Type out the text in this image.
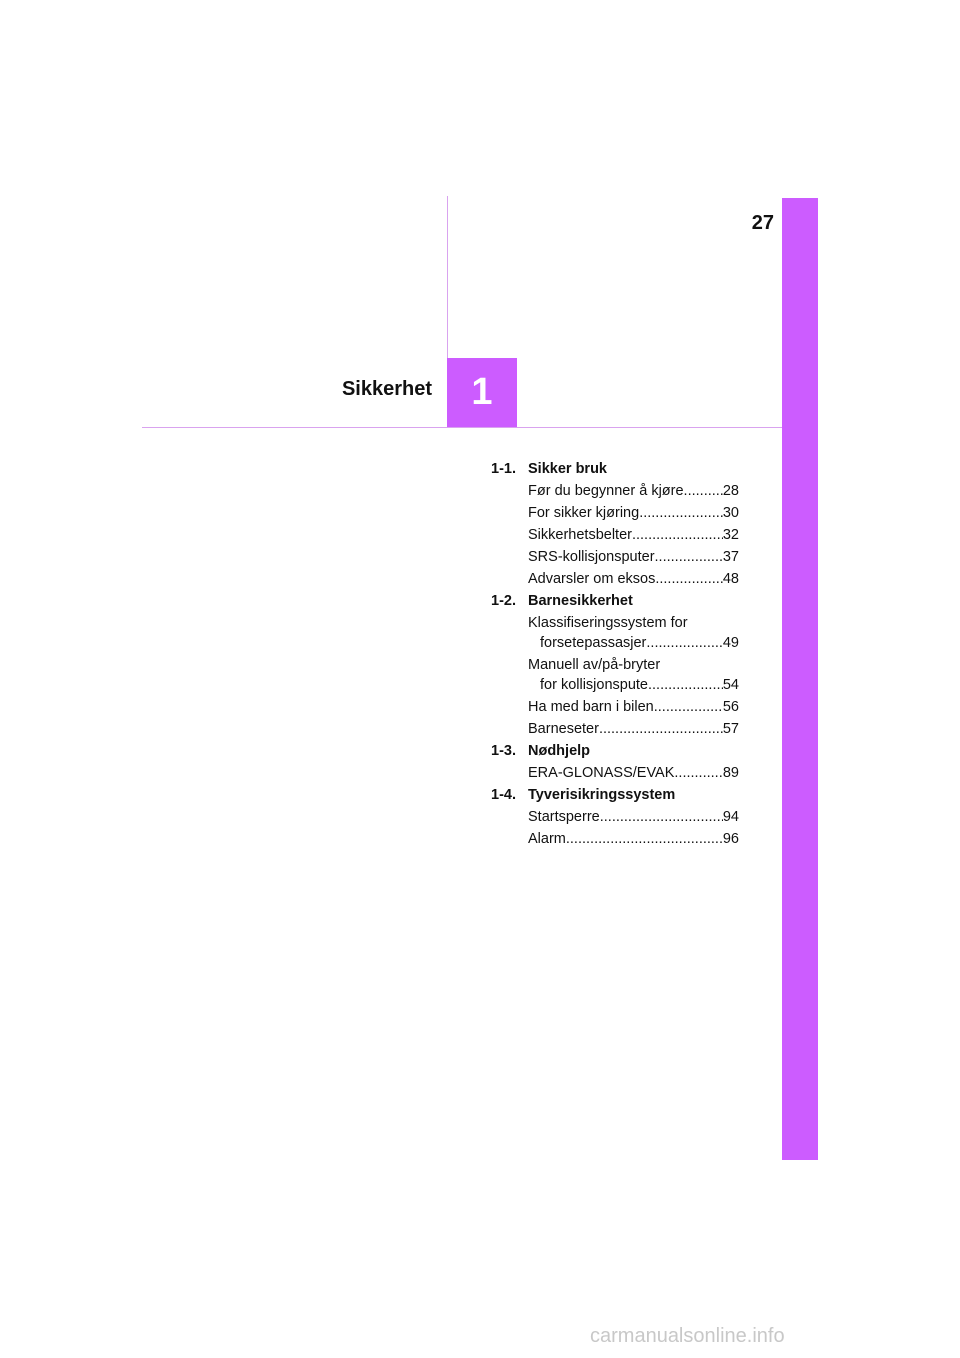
27
1
Sikkerhet
1-1. Sikker bruk
Før du begynner å kjøre .....	28
For sikker kjøring .....	30
Sikkerhetsbelter .....	32
SRS-kollisjonsputer .....	37
Advarsler om eksos .....	48
1-2. Barnesikkerhet
Klassifiseringssystem for
forsetepassasjer .....	49
Manuell av/på-bryter
for kollisjonspute .....	54
Ha med barn i bilen .....	56
Barneseter .....	57
1-3. Nødhjelp
ERA-GLONASS/EVAK .....	89
1-4. Tyverisikringssystem
Startsperre .....	94
Alarm .....	96
carmanualsonline.info
